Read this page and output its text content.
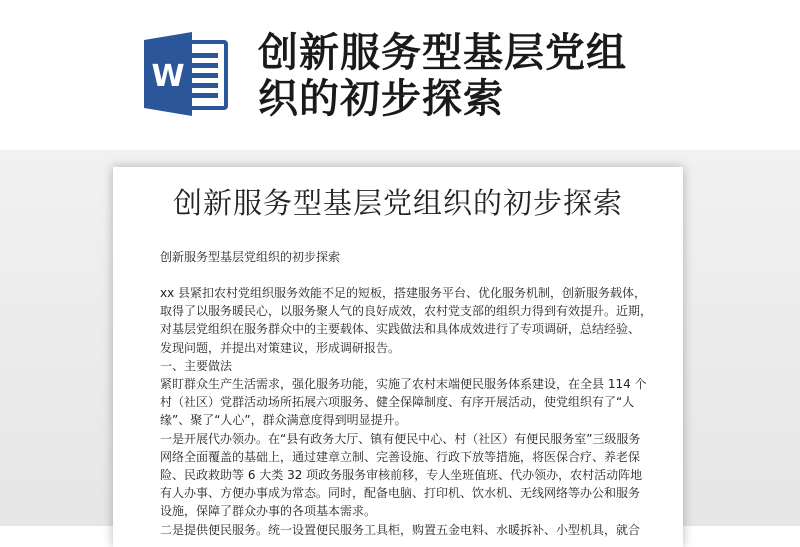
W
创新服务型基层党组
织的初步探索
创新服务型基层党组织的初步探索
创新服务型基层党组织的初步探索

xx 县紧扣农村党组织服务效能不足的短板，搭建服务平台、优化服务机制，创新服务载体，

取得了以服务暖民心，以服务聚人气的良好成效，农村党支部的组织力得到有效提升。近期，

对基层党组织在服务群众中的主要载体、实践做法和具体成效进行了专项调研，总结经验、

发现问题，并提出对策建议，形成调研报告。

一、主要做法

紧盯群众生产生活需求，强化服务功能，实施了农村末端便民服务体系建设，在全县 114 个

村（社区）党群活动场所拓展六项服务、健全保障制度、有序开展活动，使党组织有了“人

缘”、聚了“人心”，群众满意度得到明显提升。

一是开展代办领办。在“县有政务大厅、镇有便民中心、村（社区）有便民服务室”三级服务

网络全面覆盖的基础上，通过建章立制、完善设施、行政下放等措施，将医保合疗、养老保

险、民政救助等 6 大类 32 项政务服务审核前移，专人坐班值班、代办领办，农村活动阵地

有人办事、方便办事成为常态。同时，配备电脑、打印机、饮水机、无线网络等办公和服务

设施，保障了群众办事的各项基本需求。

二是提供便民服务。统一设置便民服务工具柜，购置五金电料、水暖拆补、小型机具，就合
